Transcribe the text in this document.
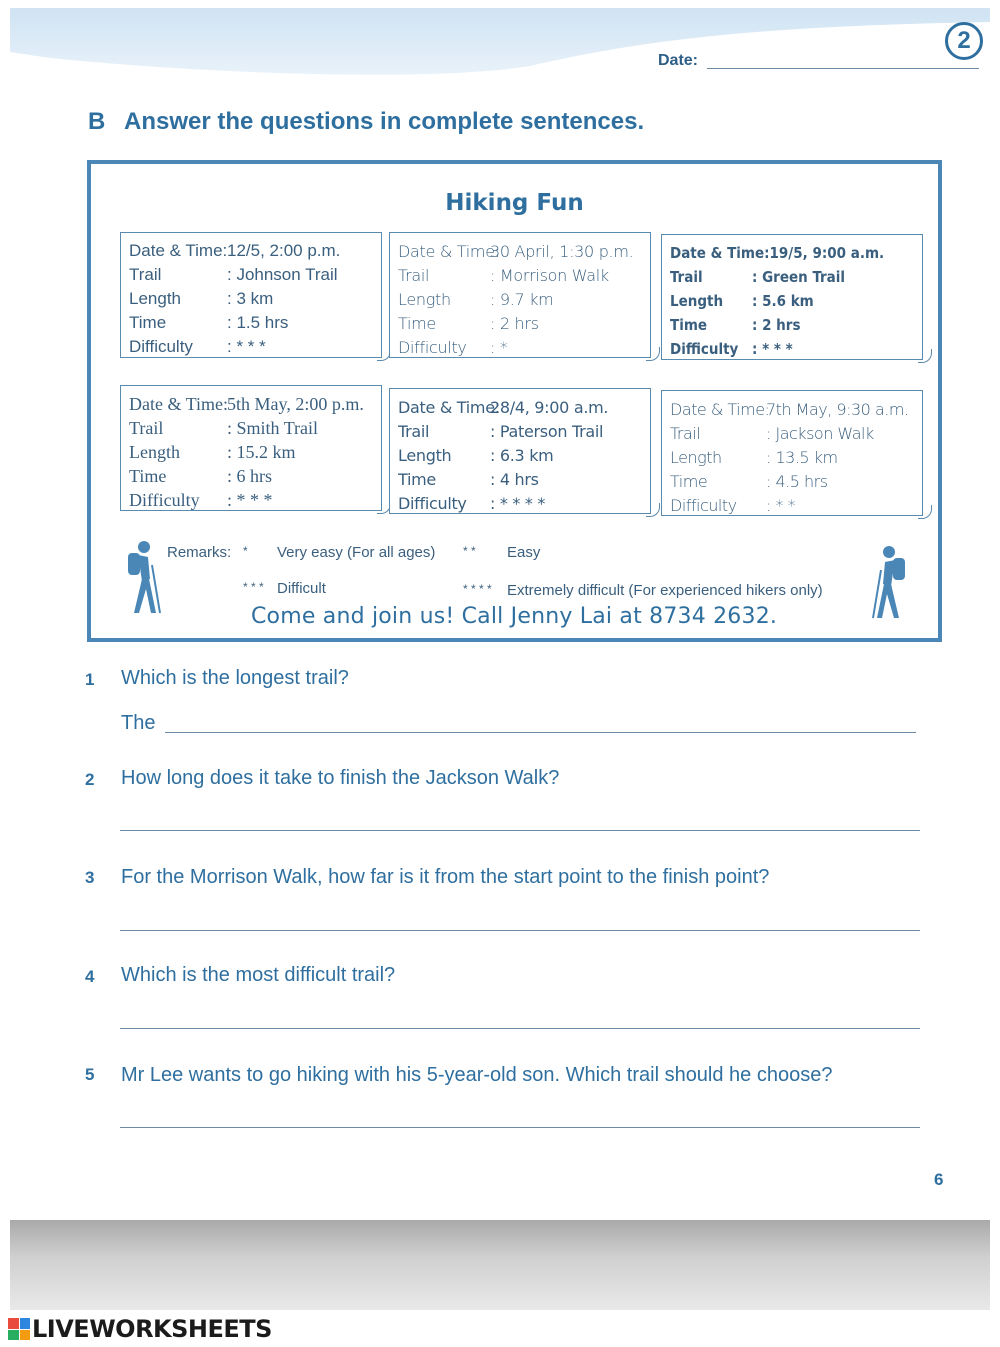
2
Date:
B Answer the questions in complete sentences.
Hiking Fun
Date & Time: 12/5, 2:00 p.m.
Trail	: Johnson Trail
Length	: 3 km
Time	: 1.5 hrs
Difficulty	: * * *
Date & Time:
30 April, 1:30 p.m.
Trail	: Morrison Walk
Length	: 9.7 km
Time	: 2 hrs
Difficulty	: *
Date & Time: 19/5, 9:00 a.m.
Trail	: Green Trail
Length	: 5.6 km
Time	: 2 hrs
Difficulty : * * *
Date & Time:
5th May, 2:00 p.m.
Trail	: Smith Trail
Length	: 15.2 km
Time	: 6 hrs
Difficulty	: * * *
Date & Time:
28/4, 9:00 a.m.
Trail	: Paterson Trail
Length	: 6.3 km
Time	: 4 hrs
Difficulty	: * * * *
Date & Time:
7th May, 9:30 a.m.
Trail	: Jackson Walk
Length	: 13.5 km
Time	: 4.5 hrs
Difficulty	: * *
Remarks: * Very easy (For all ages) * * Easy
* * * Difficult	* * * * Extremely difficult (For experienced hikers only)
Come and join us! Call Jenny Lai at 8734 2632.
1 Which is the longest trail?
The
2 How long does it take to finish the Jackson Walk?
3 For the Morrison Walk, how far is it from the start point to the finish point?
4 Which is the most difficult trail?
5 Mr Lee wants to go hiking with his 5-year-old son. Which trail should he choose?
6
LIVEWORKSHEETS
